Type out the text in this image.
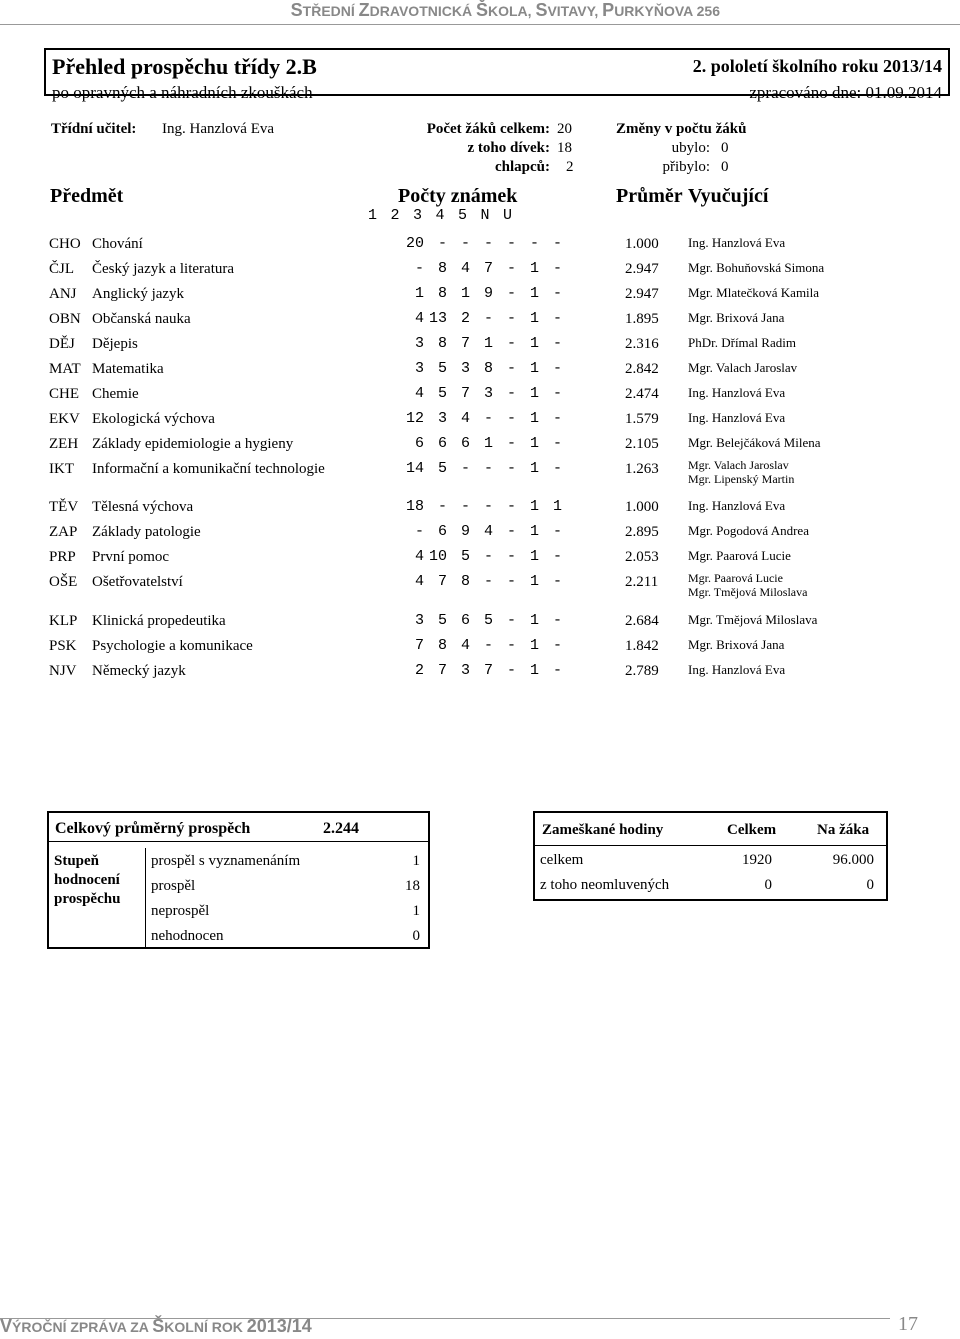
STŘEDNÍ ZDRAVOTNICKÁ ŠKOLA, SVITAVY, PURKYŇOVA 256
Přehled prospěchu třídy 2.B	2. pololetí školního roku 2013/14
po opravných a náhradních zkouškách	zpracováno dne: 01.09.2014
Třídní učitel: Ing. Hanzlová Eva	Počet žáků celkem: 20
z toho dívek: 18
chlapců: 2
Změny v počtu žáků
ubylo: 0
přibylo: 0
Předmět	Počty známek	Průměr Vyučující
1 2 3 4 5 N U
CHO Chování	20 - - - - - -	1.000 Ing. Hanzlová Eva
ČJL Český jazyk a literatura	- 8 4 7 - 1 -	2.947 Mgr. Bohuňovská Simona
ANJ Anglický jazyk	1 8 1 9 - 1 -	2.947 Mgr. Mlatečková Kamila
OBN Občanská nauka	4 13 2 - - 1 -	1.895 Mgr. Brixová Jana
DĚJ Dějepis	3 8 7 1 - 1 -	2.316 PhDr. Dřímal Radim
MAT Matematika	3 5 3 8 - 1 -	2.842 Mgr. Valach Jaroslav
CHE Chemie	4 5 7 3 - 1 -	2.474 Ing. Hanzlová Eva
EKV Ekologická výchova	12 3 4 - - 1 -	1.579 Ing. Hanzlová Eva
ZEH Základy epidemiologie a hygieny	6 6 6 1 - 1 -	2.105 Mgr. Belejčáková Milena
IKT Informační a komunikační technologie	14 5 - - - 1 -	1.263 Mgr. Valach Jaroslav
Mgr. Lipenský Martin
TĚV Tělesná výchova	18 - - - - 1 1	1.000 Ing. Hanzlová Eva
ZAP Základy patologie	- 6 9 4 - 1 -	2.895 Mgr. Pogodová Andrea
PRP První pomoc	4 10 5 - - 1 -	2.053 Mgr. Paarová Lucie
OŠE Ošetřovatelství	4 7 8 - - 1 -	2.211 Mgr. Paarová Lucie
Mgr. Tmějová Miloslava
KLP Klinická propedeutika	3 5 6 5 - 1 -	2.684 Mgr. Tmějová Miloslava
PSK Psychologie a komunikace	7 8 4 - - 1 -	1.842 Mgr. Brixová Jana
NJV Německý jazyk	2 7 3 7 - 1 -	2.789 Ing. Hanzlová Eva
Celkový průměrný prospěch	2.244
Stupeň
hodnocení
prospěchu
prospěl s vyznamenáním	1
prospěl	18
neprospěl	1
nehodnocen	0
Zameškané hodiny	Celkem	Na žáka
celkem	1920	96.000
z toho neomluvených	0	0
VÝROČNÍ ZPRÁVA ZA ŠKOLNÍ ROK 2013/14	17
